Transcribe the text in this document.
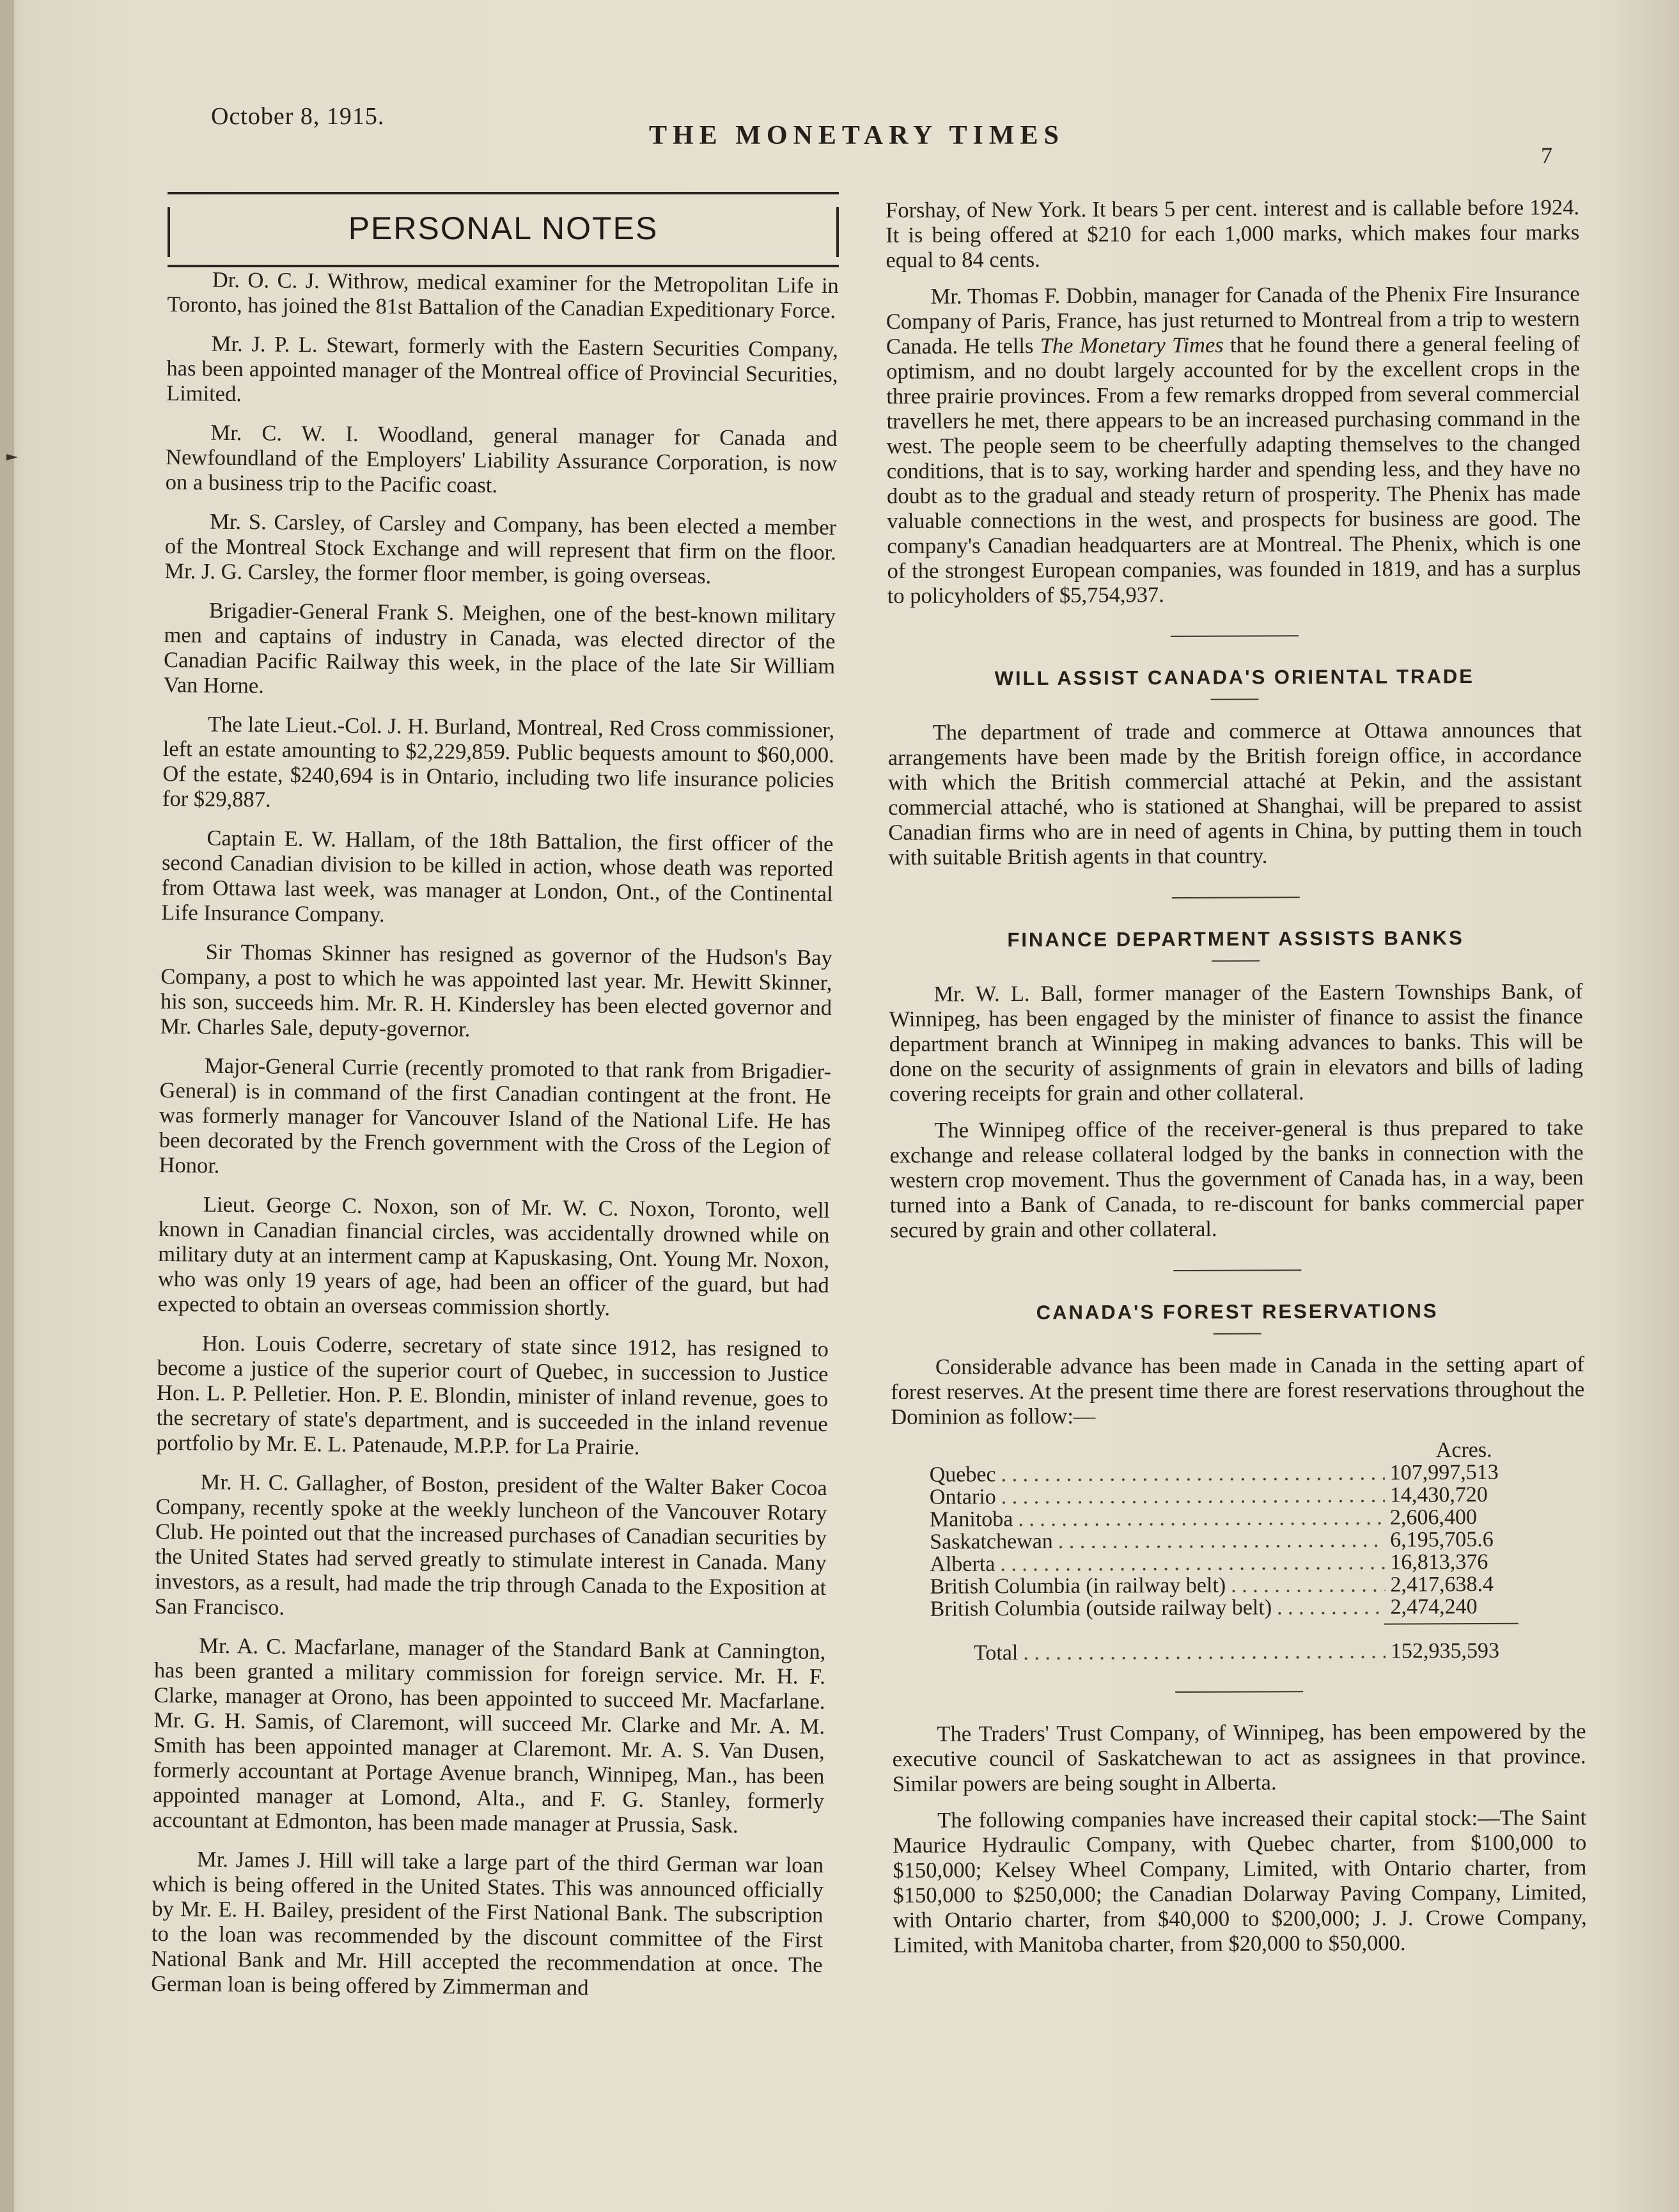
October 8, 1915.
THE MONETARY TIMES
7
PERSONAL NOTES

Dr. O. C. J. Withrow, medical examiner for the Metropolitan Life in Toronto, has joined the 81st Battalion of the Canadian Expeditionary Force.

Mr. J. P. L. Stewart, formerly with the Eastern Securities Company, has been appointed manager of the Montreal office of Provincial Securities, Limited.

Mr. C. W. I. Woodland, general manager for Canada and Newfoundland of the Employers' Liability Assurance Corporation, is now on a business trip to the Pacific coast.

Mr. S. Carsley, of Carsley and Company, has been elected a member of the Montreal Stock Exchange and will represent that firm on the floor. Mr. J. G. Carsley, the former floor member, is going overseas.

Brigadier-General Frank S. Meighen, one of the best-known military men and captains of industry in Canada, was elected director of the Canadian Pacific Railway this week, in the place of the late Sir William Van Horne.

The late Lieut.-Col. J. H. Burland, Montreal, Red Cross commissioner, left an estate amounting to $2,229,859. Public bequests amount to $60,000. Of the estate, $240,694 is in Ontario, including two life insurance policies for $29,887.

Captain E. W. Hallam, of the 18th Battalion, the first officer of the second Canadian division to be killed in action, whose death was reported from Ottawa last week, was manager at London, Ont., of the Continental Life Insurance Company.

Sir Thomas Skinner has resigned as governor of the Hudson's Bay Company, a post to which he was appointed last year. Mr. Hewitt Skinner, his son, succeeds him. Mr. R. H. Kindersley has been elected governor and Mr. Charles Sale, deputy-governor.

Major-General Currie (recently promoted to that rank from Brigadier-General) is in command of the first Canadian contingent at the front. He was formerly manager for Vancouver Island of the National Life. He has been decorated by the French government with the Cross of the Legion of Honor.

Lieut. George C. Noxon, son of Mr. W. C. Noxon, Toronto, well known in Canadian financial circles, was accidentally drowned while on military duty at an interment camp at Kapuskasing, Ont. Young Mr. Noxon, who was only 19 years of age, had been an officer of the guard, but had expected to obtain an overseas commission shortly.

Hon. Louis Coderre, secretary of state since 1912, has resigned to become a justice of the superior court of Quebec, in succession to Justice Hon. L. P. Pelletier. Hon. P. E. Blondin, minister of inland revenue, goes to the secretary of state's department, and is succeeded in the inland revenue portfolio by Mr. E. L. Patenaude, M.P.P. for La Prairie.

Mr. H. C. Gallagher, of Boston, president of the Walter Baker Cocoa Company, recently spoke at the weekly luncheon of the Vancouver Rotary Club. He pointed out that the increased purchases of Canadian securities by the United States had served greatly to stimulate interest in Canada. Many investors, as a result, had made the trip through Canada to the Exposition at San Francisco.

Mr. A. C. Macfarlane, manager of the Standard Bank at Cannington, has been granted a military commission for foreign service. Mr. H. F. Clarke, manager at Orono, has been appointed to succeed Mr. Macfarlane. Mr. G. H. Samis, of Claremont, will succeed Mr. Clarke and Mr. A. M. Smith has been appointed manager at Claremont. Mr. A. S. Van Dusen, formerly accountant at Portage Avenue branch, Winnipeg, Man., has been appointed manager at Lomond, Alta., and F. G. Stanley, formerly accountant at Edmonton, has been made manager at Prussia, Sask.

Mr. James J. Hill will take a large part of the third German war loan which is being offered in the United States. This was announced officially by Mr. E. H. Bailey, president of the First National Bank. The subscription to the loan was recommended by the discount committee of the First National Bank and Mr. Hill accepted the recommendation at once. The German loan is being offered by Zimmerman and

Forshay, of New York. It bears 5 per cent. interest and is callable before 1924. It is being offered at $210 for each 1,000 marks, which makes four marks equal to 84 cents.

Mr. Thomas F. Dobbin, manager for Canada of the Phenix Fire Insurance Company of Paris, France, has just returned to Montreal from a trip to western Canada. He tells The Monetary Times that he found there a general feeling of optimism, and no doubt largely accounted for by the excellent crops in the three prairie provinces. From a few remarks dropped from several commercial travellers he met, there appears to be an increased purchasing command in the west. The people seem to be cheerfully adapting themselves to the changed conditions, that is to say, working harder and spending less, and they have no doubt as to the gradual and steady return of prosperity. The Phenix has made valuable connections in the west, and prospects for business are good. The company's Canadian headquarters are at Montreal. The Phenix, which is one of the strongest European companies, was founded in 1819, and has a surplus to policyholders of $5,754,937.

WILL ASSIST CANADA'S ORIENTAL TRADE

The department of trade and commerce at Ottawa announces that arrangements have been made by the British foreign office, in accordance with which the British commercial attaché at Pekin, and the assistant commercial attaché, who is stationed at Shanghai, will be prepared to assist Canadian firms who are in need of agents in China, by putting them in touch with suitable British agents in that country.

FINANCE DEPARTMENT ASSISTS BANKS

Mr. W. L. Ball, former manager of the Eastern Townships Bank, of Winnipeg, has been engaged by the minister of finance to assist the finance department branch at Winnipeg in making advances to banks. This will be done on the security of assignments of grain in elevators and bills of lading covering receipts for grain and other collateral.

The Winnipeg office of the receiver-general is thus prepared to take exchange and release collateral lodged by the banks in connection with the western crop movement. Thus the government of Canada has, in a way, been turned into a Bank of Canada, to re-discount for banks commercial paper secured by grain and other collateral.

CANADA'S FOREST RESERVATIONS

Considerable advance has been made in Canada in the setting apart of forest reserves. At the present time there are forest reservations throughout the Dominion as follow:—

Acres.
Quebec . . .	107,997,513
Ontario . . .	14,430,720
Manitoba . . .	2,606,400
Saskatchewan . . .	6,195,705.6
Alberta . . .	16,813,376
British Columbia (in railway belt) . . .	2,417,638.4
British Columbia (outside railway belt) . . .	2,474,240
Total . . .	152,935,593

The Traders' Trust Company, of Winnipeg, has been empowered by the executive council of Saskatchewan to act as assignees in that province. Similar powers are being sought in Alberta.

The following companies have increased their capital stock:—The Saint Maurice Hydraulic Company, with Quebec charter, from $100,000 to $150,000; Kelsey Wheel Company, Limited, with Ontario charter, from $150,000 to $250,000; the Canadian Dolarway Paving Company, Limited, with Ontario charter, from $40,000 to $200,000; J. J. Crowe Company, Limited, with Manitoba charter, from $20,000 to $50,000.
